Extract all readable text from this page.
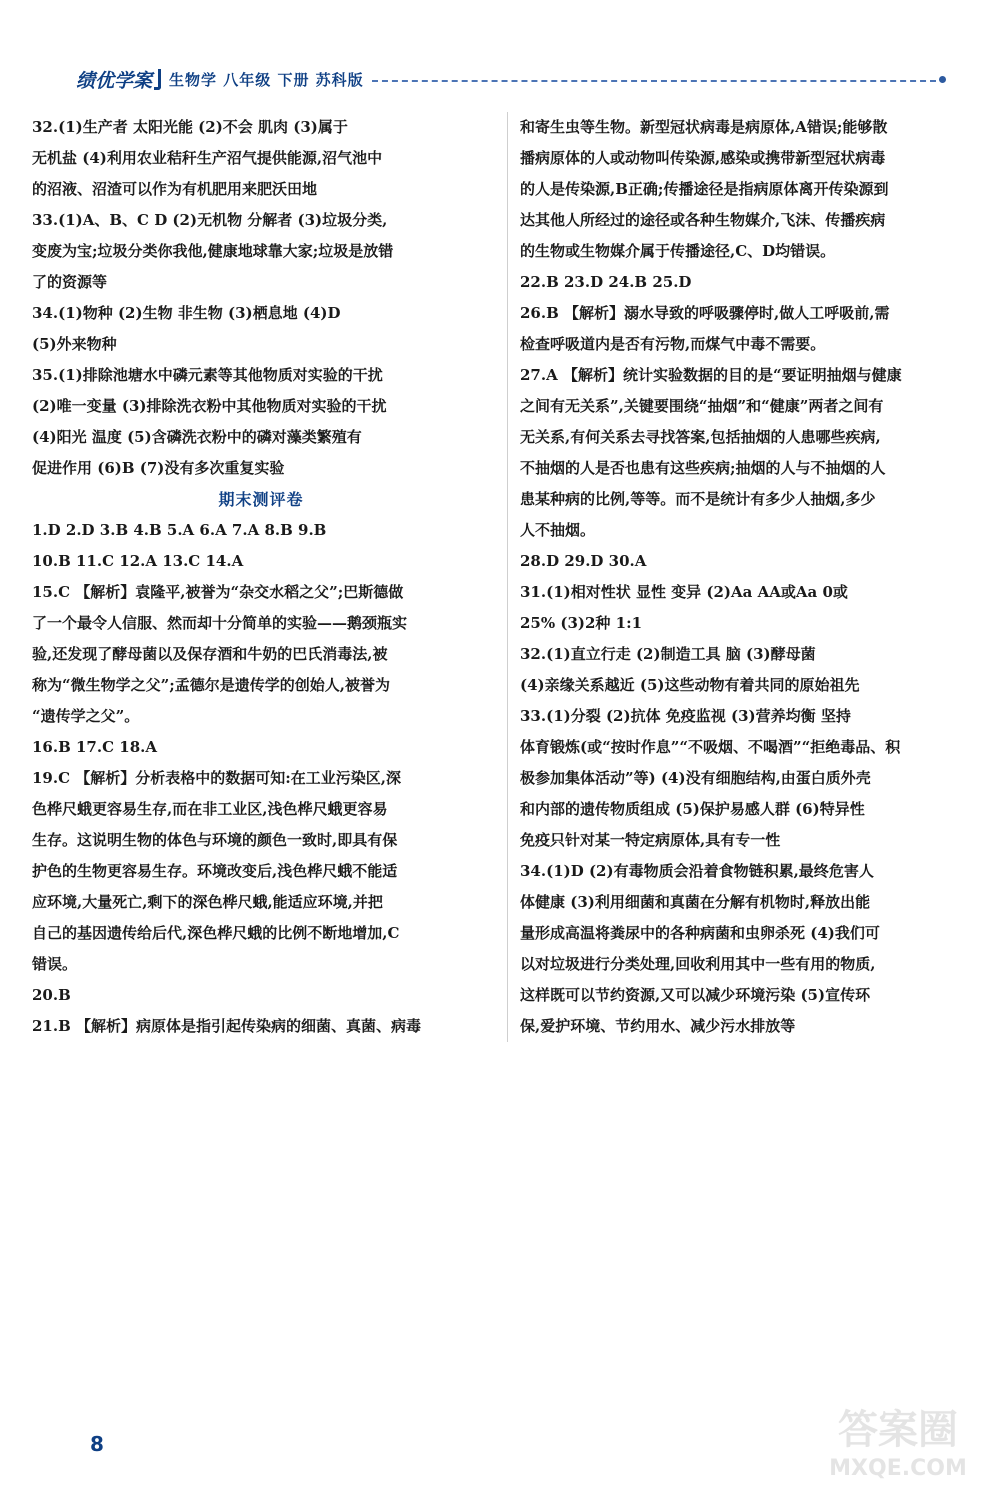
绩优学案 生物学 八年级 下册 苏科版
32.(1)生产者 太阳光能 (2)不会 肌肉 (3)属于
无机盐 (4)利用农业秸秆生产沼气提供能源,沼气池中
的沼液、沼渣可以作为有机肥用来肥沃田地
33.(1)A、B、C D (2)无机物 分解者 (3)垃圾分类,
变废为宝;垃圾分类你我他,健康地球靠大家;垃圾是放错
了的资源等
34.(1)物种 (2)生物 非生物 (3)栖息地 (4)D
(5)外来物种
35.(1)排除池塘水中磷元素等其他物质对实验的干扰
(2)唯一变量 (3)排除洗衣粉中其他物质对实验的干扰
(4)阳光 温度 (5)含磷洗衣粉中的磷对藻类繁殖有
促进作用 (6)B (7)没有多次重复实验
期末测评卷
1.D 2.D 3.B 4.B 5.A 6.A 7.A 8.B 9.B
10.B 11.C 12.A 13.C 14.A
15.C 【解析】袁隆平,被誉为“杂交水稻之父”;巴斯德做
了一个最令人信服、然而却十分简单的实验——鹅颈瓶实
验,还发现了酵母菌以及保存酒和牛奶的巴氏消毒法,被
称为“微生物学之父”;孟德尔是遗传学的创始人,被誉为
“遗传学之父”。
16.B 17.C 18.A
19.C 【解析】分析表格中的数据可知:在工业污染区,深
色桦尺蛾更容易生存,而在非工业区,浅色桦尺蛾更容易
生存。这说明生物的体色与环境的颜色一致时,即具有保
护色的生物更容易生存。环境改变后,浅色桦尺蛾不能适
应环境,大量死亡,剩下的深色桦尺蛾,能适应环境,并把
自己的基因遗传给后代,深色桦尺蛾的比例不断地增加,C
错误。
20.B
21.B 【解析】病原体是指引起传染病的细菌、真菌、病毒
和寄生虫等生物。新型冠状病毒是病原体,A错误;能够散
播病原体的人或动物叫传染源,感染或携带新型冠状病毒
的人是传染源,B正确;传播途径是指病原体离开传染源到
达其他人所经过的途径或各种生物媒介,飞沫、传播疾病
的生物或生物媒介属于传播途径,C、D均错误。
22.B 23.D 24.B 25.D
26.B 【解析】溺水导致的呼吸骤停时,做人工呼吸前,需
检查呼吸道内是否有污物,而煤气中毒不需要。
27.A 【解析】统计实验数据的目的是“要证明抽烟与健康
之间有无关系”,关键要围绕“抽烟”和“健康”两者之间有
无关系,有何关系去寻找答案,包括抽烟的人患哪些疾病,
不抽烟的人是否也患有这些疾病;抽烟的人与不抽烟的人
患某种病的比例,等等。而不是统计有多少人抽烟,多少
人不抽烟。
28.D 29.D 30.A
31.(1)相对性状 显性 变异 (2)Aa AA或Aa 0或
25% (3)2种 1:1
32.(1)直立行走 (2)制造工具 脑 (3)酵母菌
(4)亲缘关系越近 (5)这些动物有着共同的原始祖先
33.(1)分裂 (2)抗体 免疫监视 (3)营养均衡 坚持
体育锻炼(或“按时作息”“不吸烟、不喝酒”“拒绝毒品、积
极参加集体活动”等) (4)没有细胞结构,由蛋白质外壳
和内部的遗传物质组成 (5)保护易感人群 (6)特异性
免疫只针对某一特定病原体,具有专一性
34.(1)D (2)有毒物质会沿着食物链积累,最终危害人
体健康 (3)利用细菌和真菌在分解有机物时,释放出能
量形成高温将粪尿中的各种病菌和虫卵杀死 (4)我们可
以对垃圾进行分类处理,回收利用其中一些有用的物质,
这样既可以节约资源,又可以减少环境污染 (5)宣传环
保,爱护环境、节约用水、减少污水排放等
8	答案圈
MXQE.COM
